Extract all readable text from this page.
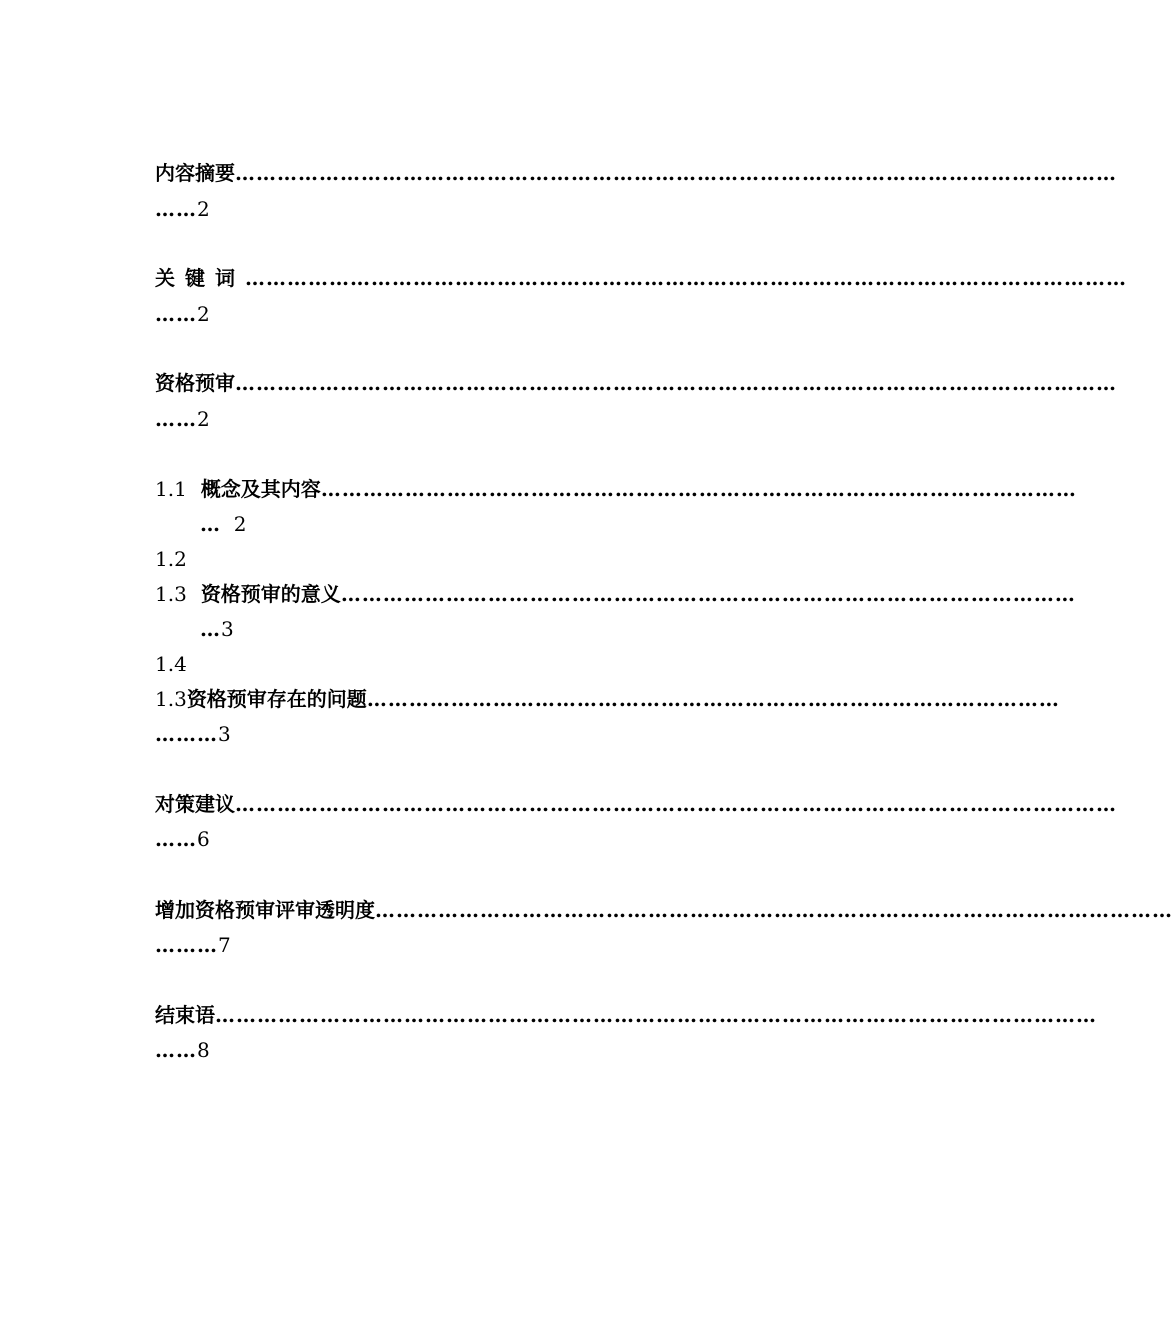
内容摘要………………………………………………………………………………………………………………
……2
关键词………………………………………………………………………………………………………………
……2
资格预审………………………………………………………………………………………………………………
……2
1.1 概念及其内容………………………………………………………………………………………………
… 2
1.2
1.3 资格预审的意义……………………………………………………………………………………………
…3
1.4
1.3资格预审存在的问题………………………………………………………………………………………
………3
对策建议………………………………………………………………………………………………………………
……6
增加资格预审评审透明度……………………………………………………………………………………………………
………7
结束语………………………………………………………………………………………………………………
……8
